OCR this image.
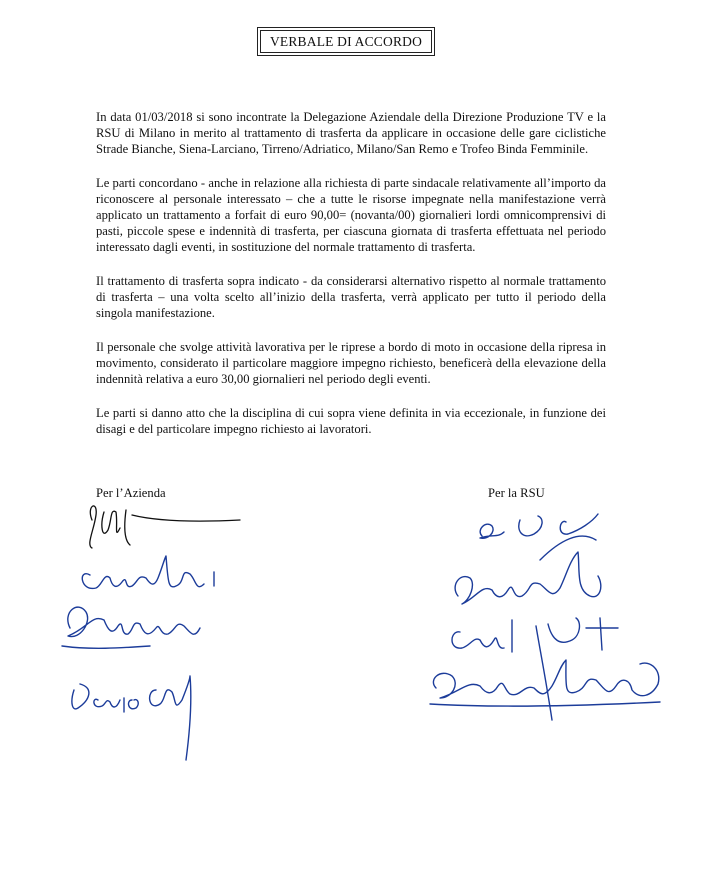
VERBALE DI ACCORDO

In data 01/03/2018 si sono incontrate la Delegazione Aziendale della Direzione Produzione TV e la RSU di Milano in merito al trattamento di trasferta da applicare in occasione delle gare ciclistiche Strade Bianche, Siena-Larciano, Tirreno/Adriatico, Milano/San Remo e Trofeo Binda Femminile.

Le parti concordano - anche in relazione alla richiesta di parte sindacale relativamente all’importo da riconoscere al personale interessato – che a tutte le risorse impegnate nella manifestazione verrà applicato un trattamento a forfait di euro 90,00= (novanta/00) giornalieri lordi omnicomprensivi di pasti, piccole spese e indennità di trasferta, per ciascuna giornata di trasferta effettuata nel periodo interessato dagli eventi, in sostituzione del normale trattamento di trasferta.

Il trattamento di trasferta sopra indicato - da considerarsi alternativo rispetto al normale trattamento di trasferta – una volta scelto all’inizio della trasferta, verrà applicato per tutto il periodo della singola manifestazione.

Il personale che svolge attività lavorativa per le riprese a bordo di moto in occasione della ripresa in movimento, considerato il particolare maggiore impegno richiesto, beneficerà della elevazione della indennità relativa a euro 30,00 giornalieri nel periodo degli eventi.

Le parti si danno atto che la disciplina di cui sopra viene definita in via eccezionale, in funzione dei disagi e del particolare impegno richiesto ai lavoratori.

Per l’Azienda	Per la RSU
